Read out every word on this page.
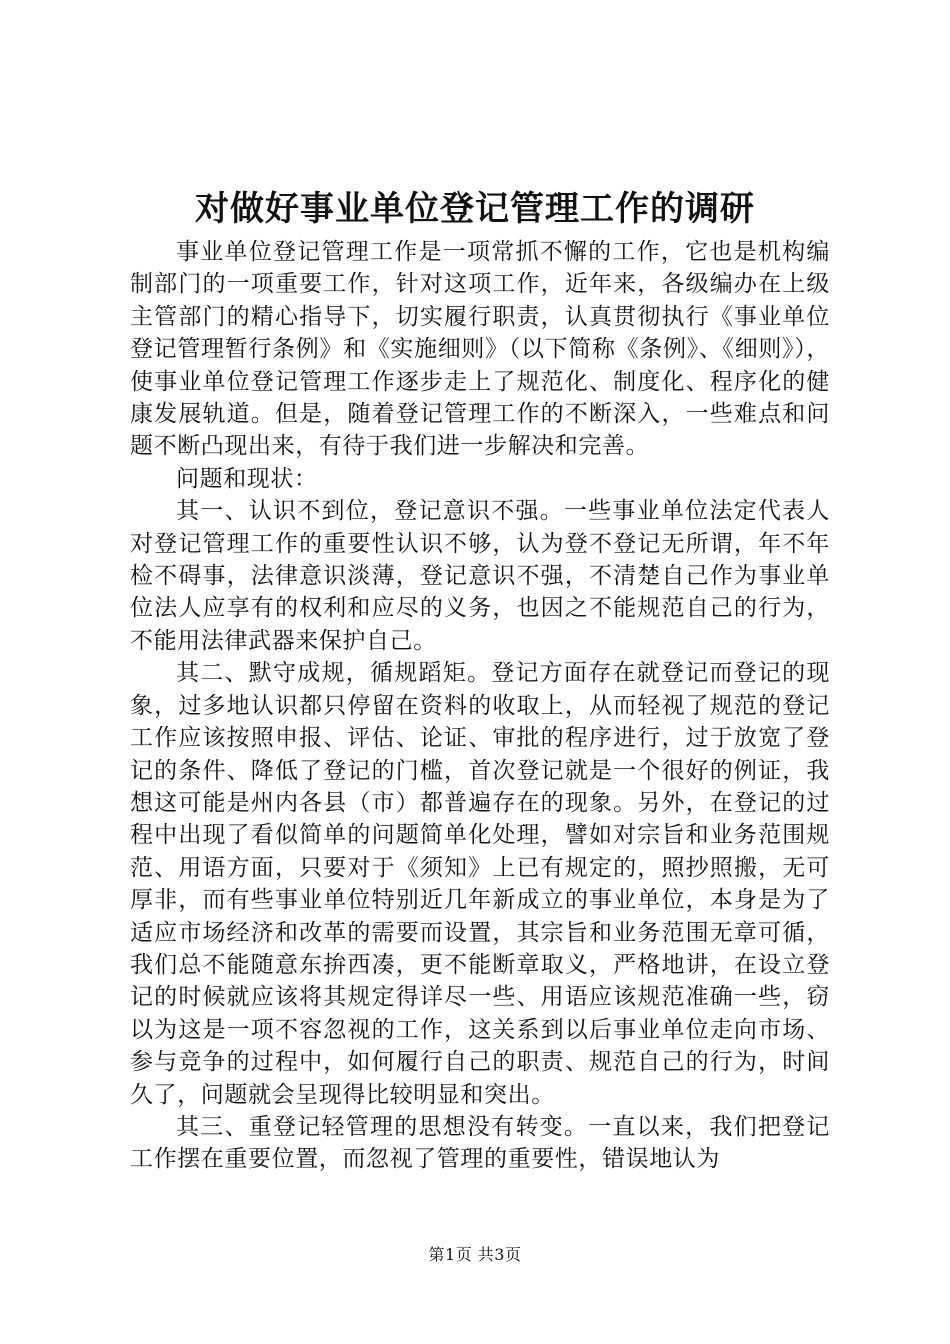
对做好事业单位登记管理工作的调研

事业单位登记管理工作是一项常抓不懈的工作，它也是机构编制部门的一项重要工作，针对这项工作，近年来，各级编办在上级主管部门的精心指导下，切实履行职责，认真贯彻执行《事业单位登记管理暂行条例》和《实施细则》（以下简称《条例》、《细则》），使事业单位登记管理工作逐步走上了规范化、制度化、程序化的健康发展轨道。但是，随着登记管理工作的不断深入，一些难点和问题不断凸现出来，有待于我们进一步解决和完善。

问题和现状：

其一、认识不到位，登记意识不强。一些事业单位法定代表人对登记管理工作的重要性认识不够，认为登不登记无所谓，年不年检不碍事，法律意识淡薄，登记意识不强，不清楚自己作为事业单位法人应享有的权利和应尽的义务，也因之不能规范自己的行为，不能用法律武器来保护自己。

其二、默守成规，循规蹈矩。登记方面存在就登记而登记的现象，过多地认识都只停留在资料的收取上，从而轻视了规范的登记工作应该按照申报、评估、论证、审批的程序进行，过于放宽了登记的条件、降低了登记的门槛，首次登记就是一个很好的例证，我想这可能是州内各县（市）都普遍存在的现象。另外，在登记的过程中出现了看似简单的问题简单化处理，譬如对宗旨和业务范围规范、用语方面，只要对于《须知》上已有规定的，照抄照搬，无可厚非，而有些事业单位特别近几年新成立的事业单位，本身是为了适应市场经济和改革的需要而设置，其宗旨和业务范围无章可循，我们总不能随意东拚西凑，更不能断章取义，严格地讲，在设立登记的时候就应该将其规定得详尽一些、用语应该规范准确一些，窃以为这是一项不容忽视的工作，这关系到以后事业单位走向市场、参与竞争的过程中，如何履行自己的职责、规范自己的行为，时间久了，问题就会呈现得比较明显和突出。

其三、重登记轻管理的思想没有转变。一直以来，我们把登记工作摆在重要位置，而忽视了管理的重要性，错误地认为

第1页 共3页
